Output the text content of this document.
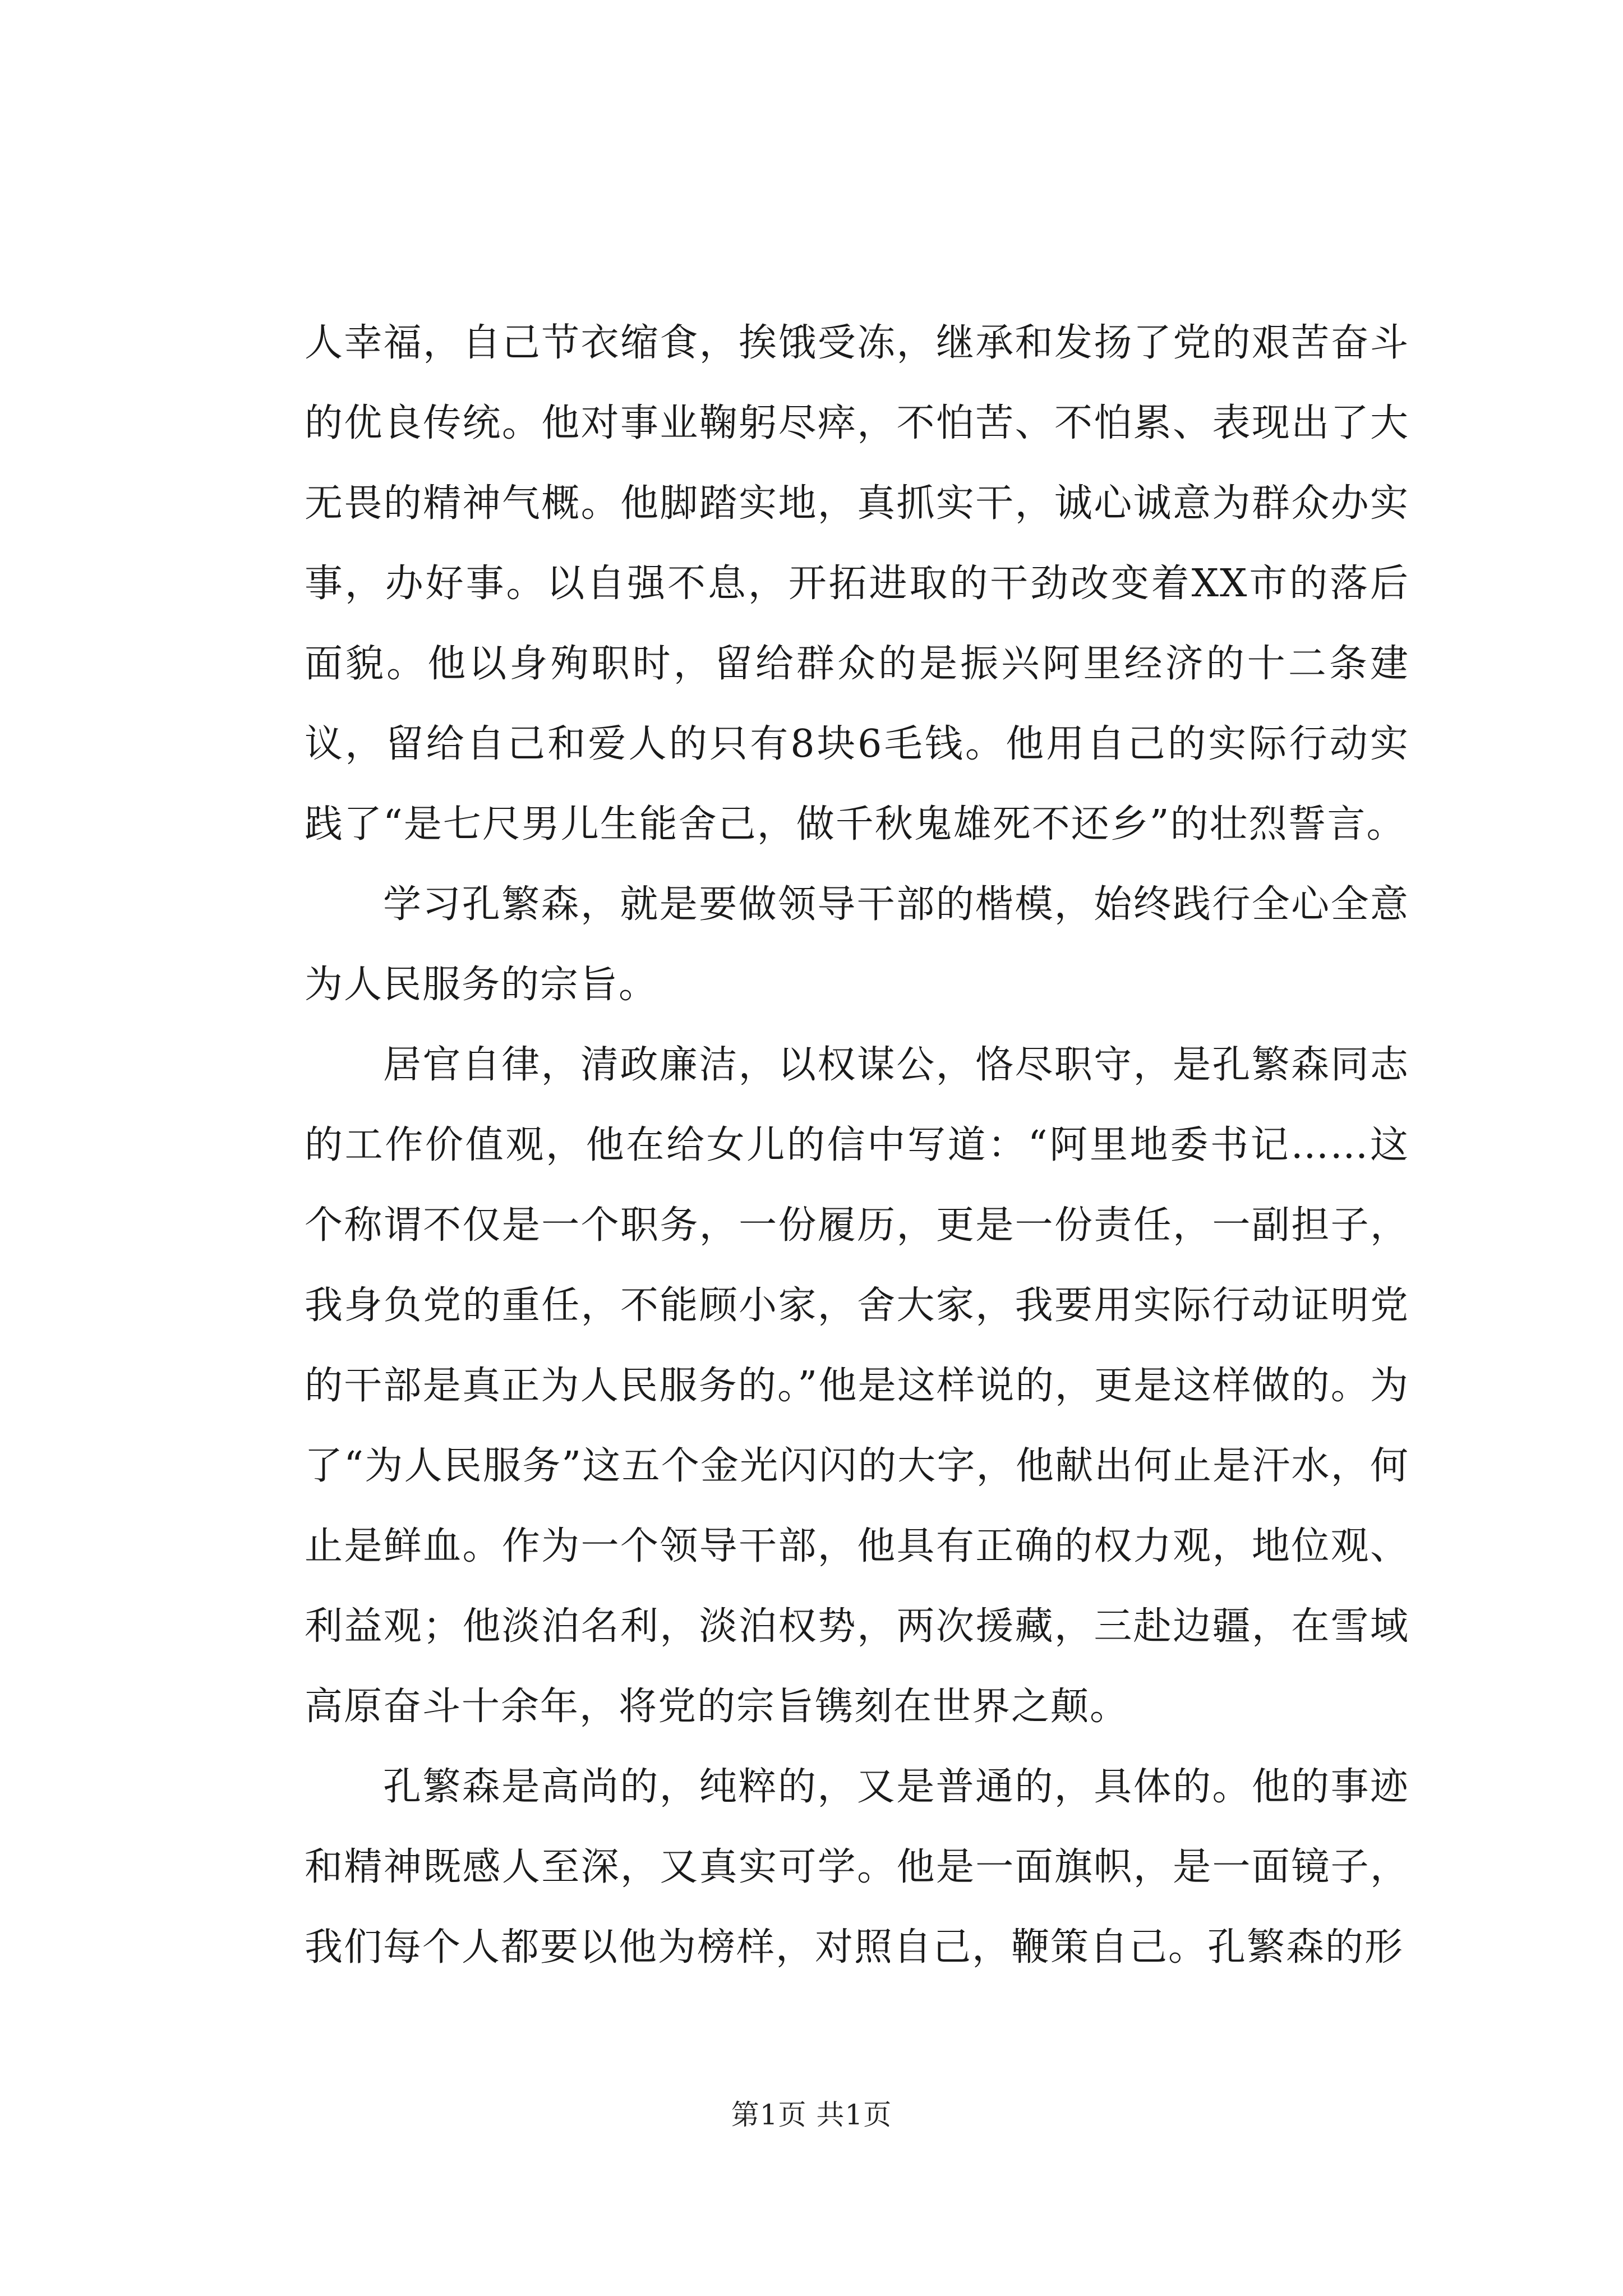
人幸福，自己节衣缩食，挨饿受冻，继承和发扬了党的艰苦奋斗的优良传统。他对事业鞠躬尽瘁，不怕苦、不怕累、表现出了大无畏的精神气概。他脚踏实地，真抓实干，诚心诚意为群众办实事，办好事。以自强不息，开拓进取的干劲改变着XX市的落后面貌。他以身殉职时，留给群众的是振兴阿里经济的十二条建议，留给自己和爱人的只有8块6毛钱。他用自己的实际行动实践了“是七尺男儿生能舍己，做千秋鬼雄死不还乡”的壮烈誓言。

学习孔繁森，就是要做领导干部的楷模，始终践行全心全意为人民服务的宗旨。

居官自律，清政廉洁，以权谋公，恪尽职守，是孔繁森同志的工作价值观，他在给女儿的信中写道：“阿里地委书记……这个称谓不仅是一个职务，一份履历，更是一份责任，一副担子，我身负党的重任，不能顾小家，舍大家，我要用实际行动证明党的干部是真正为人民服务的。”他是这样说的，更是这样做的。为了“为人民服务”这五个金光闪闪的大字，他献出何止是汗水，何止是鲜血。作为一个领导干部，他具有正确的权力观，地位观、利益观；他淡泊名利，淡泊权势，两次援藏，三赴边疆，在雪域高原奋斗十余年，将党的宗旨镌刻在世界之颠。

孔繁森是高尚的，纯粹的，又是普通的，具体的。他的事迹和精神既感人至深，又真实可学。他是一面旗帜，是一面镜子，我们每个人都要以他为榜样，对照自己，鞭策自己。孔繁森的形

第1页 共1页
